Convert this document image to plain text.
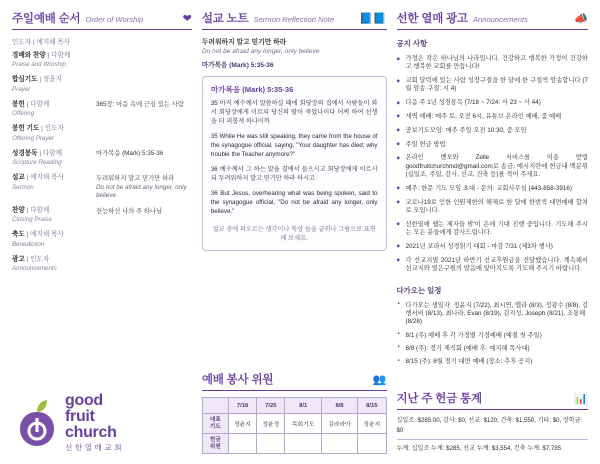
주일예배 순서 Order of Worship	❤
인도자 | 예지해 목사
경배와 찬양 | 다함께
Praise and Worship
합심기도 | 정윤지
Prayer
봉헌 | 다함께
Offering
365장: 마음 속에 근심 있는 사람
봉헌 기도 | 인도자
Offering Prayer
성경봉독 | 다함께
Scripture Reading
마가복음 (Mark) 5:35-36
설교 | 예지해 목사
Sermon
두려워하지 말고 믿기만 하라
Do not be afraid any longer, only believe
찬양 | 다함께
Closing Praise
전능하신 나의 주 하나님
축도 | 예지해 목사
Benediction
광고 | 인도자
Announcements
good
fruit
church
선 한 열 매 교 회
설교 노트 Sermon Reflection Note 📘📘
두려워하지 말고 믿기만 하라
Do not be afraid any longer, only believe
마가복음 (Mark) 5:35-36
마가복음 (Mark) 5:35-36

35 아직 예수께서 말씀하실 때에 회당장의 집에서 사람들이 와서 회당장에게 이르되 당신의 딸이 죽었나이다 어찌 하여 선생을 더 괴롭게 하나이까

35 While He was still speaking, they came from the house of the synagogue official, saying, "Your daughter has died; why trouble the Teacher anymore?"

36 예수께서 그 하는 말을 곁에서 들으시고 회당장에게 이르시되 두려워하지 말고 믿기만 하라 하시고

36 But Jesus, overhearing what was being spoken, said to the synagogue official, "Do not be afraid any longer, only believe."

설교 중에 피오르는 생각이나 묵상 들을 글귀나 그림으로 표현해 보세요.
예배 봉사 위원	👥
	7/18	7/25	8/1	8/8	8/15
대표
기도	정윤지	정윤정	목회기도	김라라아	정윤지
헌금
위원					
선한 열매 광고 Announcements	📣
공지 사항
◆ 가정은 작은 하나님의 나라입니다. 건강하고 행복한 가정이 건강하고 행복한 교회를 만듭니다!
◆ 교회 달력에 있는 사람 성장구절을 한 달에 한 구절씩 암송합니다 (7월 암송 구절: 시 4)
◆ 다음 주 1년 성경통독 (7/18 ~ 7/24: 사 23 ~ 사 44)
◆ 새벽 예배: 매주 토, 오전 6시, 유튜브 온라인 예배, 줌 예배
◆ 중보기도모임: 매주 주일 오전 10:30, 줌 모임
◆ 주일 헌금 방법:
◆ 온라인 벤모와 Zelle 서비스를 이용 받법 goodfruitchurchmd@gmail.com로 송금. 메시지란에 헌금내 백분위 (십일조, 주일, 감사, 선교, 건축 등)를 적어 주세요.
◆ 예주: 한문 기도 모임 초대 - 문의: 교회사무실 (443-858-3916)
◆ 코로나19로 인한 인원제한의 해제로 한 달에 한번씩 대면예배 합쳐로 모입니다.
◆ 선한열매 웹는 제자들 밖'이 온에 기대 진행 중입니다. 기도해 주시는 모든 분들에게 감사드립니다.
◆ 2021년 보라서 성경읽기 대회 - 마감 7/31 (제3차 행사)
◆ 각 선교지별 2021년 하반기 선교후원금을 전달했습니다. 계속해서 선교지와 열은구원의 발음에 앞아지도록 기도해 주시기 바랍니다.
다가오는 일정
▪ 다가오는 생일자: 정윤지 (7/22), 최시연, 엘라 (8/3), 정광수 (8/8), 김행서비 (8/13), 최나라, Evan (8/19), 김지성, Joseph (8/21), 조통해 (8/28)
▪ 8/1 (주) 예배 후 각 가정별 기정예배 (예절 첫 주일)
▪ 8/8 (주): 정기 제직회 (예배 후: 예지해 목사대)
▪ 8/15 (주): 8월 정기 대면 예배 (장소: 추후 공지)
지난 주 헌금 통계	📊
십일조: $285.00, 감사: $0, 선교: $120, 건축: $1,550, 기타: $0, 장학금: $0
누계: 십일조 누계: $285, 선교 누계: $3,554, 건축 누계: $7,785
